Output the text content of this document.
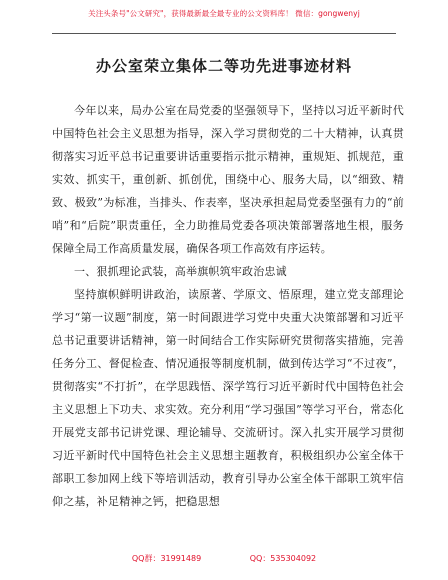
关注头条号"公文研究"，获得最新最全最专业的公文资料库！ 微信：gongwenyj
办公室荣立集体二等功先进事迹材料

今年以来，局办公室在局党委的坚强领导下，坚持以习近平新时代中国特色社会主义思想为指导，深入学习贯彻党的二十大精神，认真贯彻落实习近平总书记重要讲话重要指示批示精神，重规矩、抓规范，重实效、抓实干，重创新、抓创优，围绕中心、服务大局，以“细致、精致、极致”为标准，当排头、作表率，坚决承担起局党委坚强有力的“前哨”和“后院”职责重任，全力助推局党委各项决策部署落地生根，服务保障全局工作高质量发展，确保各项工作高效有序运转。

一、狠抓理论武装，高举旗帜筑牢政治忠诚

坚持旗帜鲜明讲政治，读原著、学原文、悟原理，建立党支部理论学习“第一议题”制度，第一时间跟进学习党中央重大决策部署和习近平总书记重要讲话精神，第一时间结合工作实际研究贯彻落实措施，完善任务分工、督促检查、情况通报等制度机制，做到传达学习“不过夜”，贯彻落实“不打折”，在学思践悟、深学笃行习近平新时代中国特色社会主义思想上下功夫、求实效。充分利用“学习强国”等学习平台，常态化开展党支部书记讲党课、理论辅导、交流研讨。深入扎实开展学习贯彻习近平新时代中国特色社会主义思想主题教育，积极组织办公室全体干部职工参加网上线下等培训活动，教育引导办公室全体干部职工筑牢信仰之基，补足精神之钙，把稳思想

QQ群：31991489	QQ：535304092
